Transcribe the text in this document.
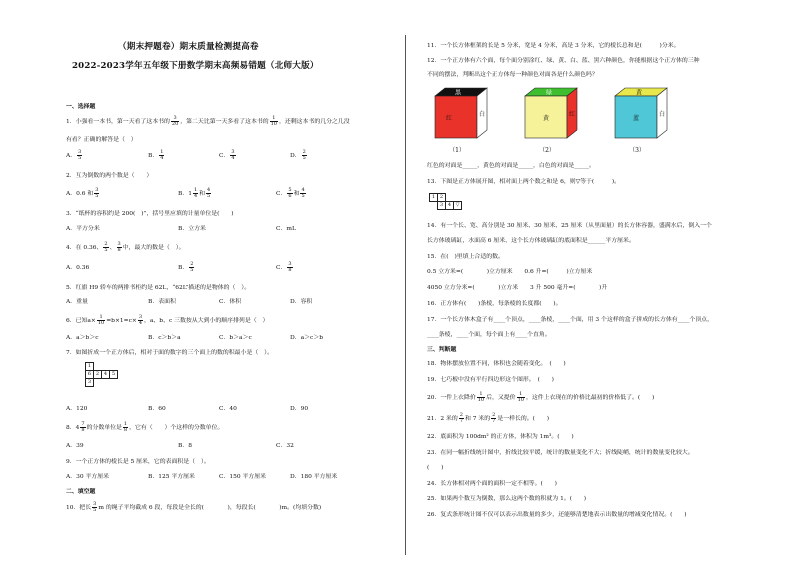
（期末押题卷）期末质量检测提高卷
2022-2023学年五年级下册数学期末高频易错题（北师大版）
一、选择题
1．小强看一本书，第一天看了这本书的 $\frac{3}{20}$ ，第二天比第一天多看了这本书的 $\frac{1}{10}$ ，还剩这本书的几分之几没
有看？正确的解答是（　）
A． $\frac{3}{5}$	B． $\frac{1}{4}$	C． $\frac{3}{4}$	D． $\frac{2}{5}$
2．互为倒数的两个数是（　　）
A．0.6 和 $\frac{3}{5}$	B．$1 \frac{1}{4}$ 和 $\frac{4}{5}$	C． $\frac{5}{6}$ 和 $\frac{4}{5}$
3．“纸杯的容积约是 200(　)”，括号里应填的计量单位是(　　)
A．平方分米	B．立方米	C．mL
4．在 0.36、 $\frac{2}{5}$ 、 $\frac{3}{8}$ 中，最大的数是（　）。
A．0.36	B． $\frac{2}{5}$	C． $\frac{3}{8}$
5．红旗 H9 轿车的两排书柜约是 62L，“62L”描述的是物体的（　）。
A．重量	B．表面积	C．体积	D．容积
6．已知$a\times \frac{1}{10} =b\times 1=c\times \frac{3}{4}$ ，a、b、c 三数按从大到小的顺序排列是（　）
A．a＞b＞c	B．c＞b＞a	C．b＞a＞c	D．a＞c＞b
7．如图折成一个正方体后，相对于面的数字的三个面上的数的积最小是（　）。
1			
6	2	4	5
3			
A．120	B．60	C．40	D．90
8．$4 \frac{7}{8}$ 的分数单位是 $\frac{1}{8}$ ，它有（　　）个这样的分数单位。
A．39	B．8	C．32
9．一个正方体的棱长是 5 厘米，它的表面积是（　）。
A．30 平方厘米	B．125 平方厘米	C．150 平方厘米	D．180 平方厘米
二、填空题
10．把长 $\frac{3}{5}$ m 的绳子平均截成 6 段，每段是全长的(　　　　)，每段长(　　　　)m。(均填分数)
11．一个长方体框架的长是 5 分米，宽是 4 分米，高是 3 分米，它的棱长总和是(　　　)分米。
12．一个正方体有六个面，每个面分别涂红、绿、黄、白、蓝、黑六种颜色，你能根据这个正方体的三种
不同的摆法，判断出这个正方体每一种颜色对面各是什么颜色吗？
黑
红
白
（1）
绿
黄
红
（2）
黄
蓝
白
（3）
红色的对面是_____，黄色的对面是_____，白色的对面是_____。
13．下图是正方体展开图，相对面上两个数之和是 6，则▽等于(　　　)。
1	2		
	3	4	▽
14．有一个长、宽、高分别是 30 厘米、30 厘米、25 厘米（从里面量）的长方体容器，盛满水后，倒入一个
长方体玻璃缸，水面高 6 厘米，这个长方体玻璃缸的底面积是______平方厘米。
15．在(　)里填上合适的数。
0.5 立方米=(　　　　)立方厘米　　0.6 升=(　　　)立方厘米
4050 立方分米=(　　　　)立方米　　3 升 500 毫升=(　　　　)升
16．正方体有(　　)条棱，每条棱的长度都(　　)。
17．一个长方体木盒子有____个顶点，____条棱，____个面，用 3 个这样的盒子拼成的长方体有____个顶点，
____条棱，____个面，每个面上有____个直角。
三、判断题
18．物体摆放位置不同，体积也会随着变化。　(　　)
19．七巧板中没有平行四边形这个图形。　(　　)
20．一件上衣降价 $\frac{1}{10}$ 后，又提价 $\frac{1}{10}$ ，这件上衣现在的价格比最初的价格低了。(　　)
21．2 米的 $\frac{2}{7}$ 和 7 米的 $\frac{2}{7}$ 是一样长的。(　　)
22．底面积为 100dm² 的正方体，体积为 1m³。(　　)
23．在同一幅折线统计图中，折线比较平缓，统计的数量变化不大；折线陡峭，统计的数量变化较大。
(　　)
24．长方体相对两个面的面积一定不相等。(　　)
25．如果两个数互为倒数，那么这两个数的积就为 1。(　　)
26．复式条形统计图不仅可以表示出数量的多少，还能够清楚地表示出数量的增减变化情况。(　　)
